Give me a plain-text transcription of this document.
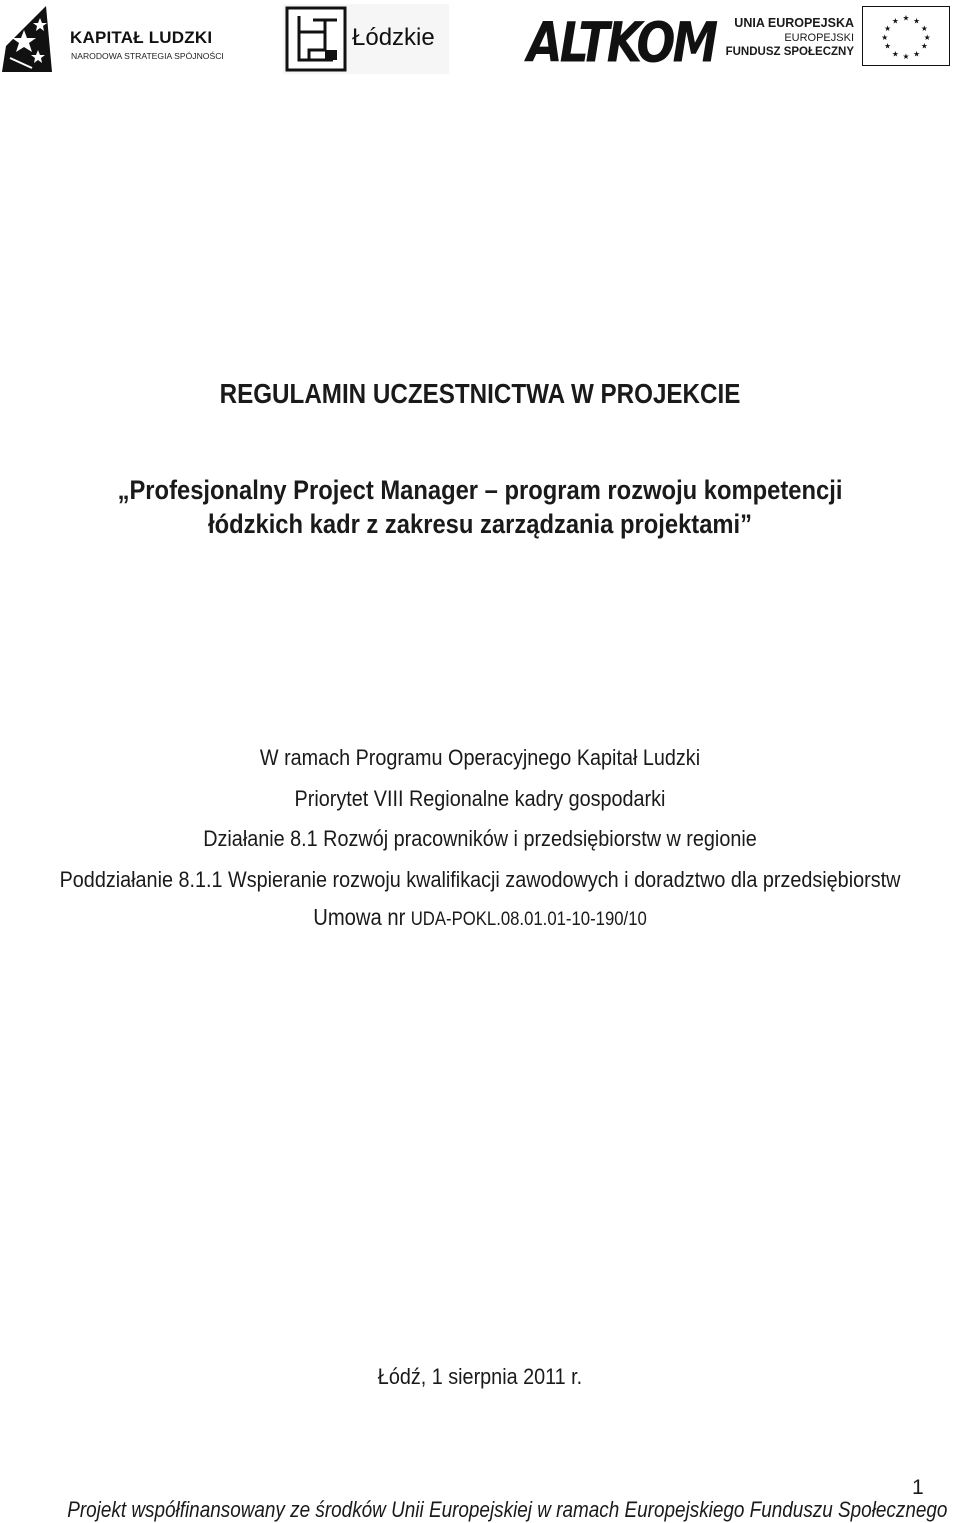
KAPITAŁ LUDZKI
NARODOWA STRATEGIA SPÓJNOŚCI
Łódzkie ALTKOM UNIA EUROPEJSKA
EUROPEJSKI
FUNDUSZ SPOŁECZNY
★ ★
★
★
★
★
★
★
★
★
★
★
REGULAMIN UCZESTNICTWA W PROJEKCIE
„Profesjonalny Project Manager – program rozwoju kompetencji
łódzkich kadr z zakresu zarządzania projektami”
W ramach Programu Operacyjnego Kapitał Ludzki
Priorytet VIII Regionalne kadry gospodarki
Działanie 8.1 Rozwój pracowników i przedsiębiorstw w regionie
Poddziałanie 8.1.1 Wspieranie rozwoju kwalifikacji zawodowych i doradztwo dla przedsiębiorstw
Umowa nr UDA-POKL.08.01.01-10-190/10
Łódź, 1 sierpnia 2011 r.
1
Projekt współfinansowany ze środków Unii Europejskiej w ramach Europejskiego Funduszu Społecznego
